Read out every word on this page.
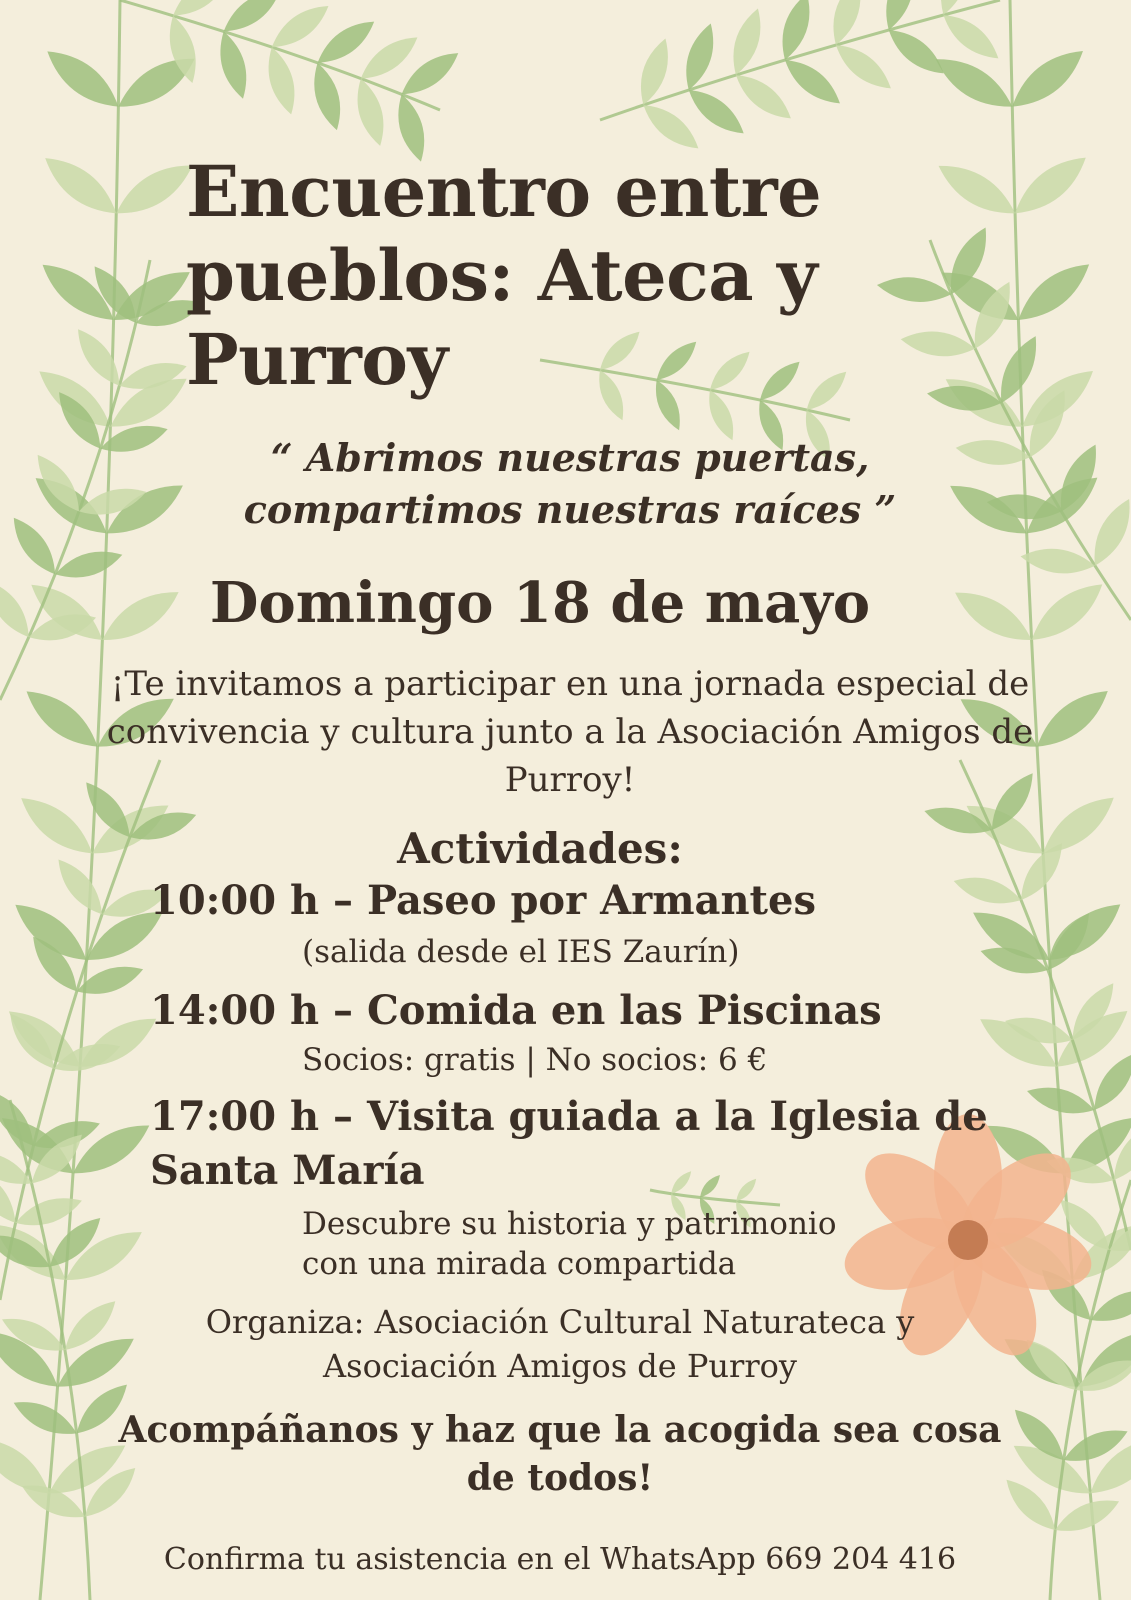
Encuentro entre pueblos: Ateca y Purroy
“ Abrimos nuestras puertas, compartimos nuestras raíces ”
Domingo 18 de mayo
¡Te invitamos a participar en una jornada especial de convivencia y cultura junto a la Asociación Amigos de Purroy!
Actividades:
10:00 h – Paseo por Armantes
(salida desde el IES Zaurín)
14:00 h – Comida en las Piscinas
Socios: gratis | No socios: 6 €
17:00 h – Visita guiada a la Iglesia de Santa María
Descubre su historia y patrimonio con una mirada compartida
Organiza: Asociación Cultural Naturateca y Asociación Amigos de Purroy
Acompáñanos y haz que la acogida sea cosa de todos!
Confirma tu asistencia en el WhatsApp 669 204 416
